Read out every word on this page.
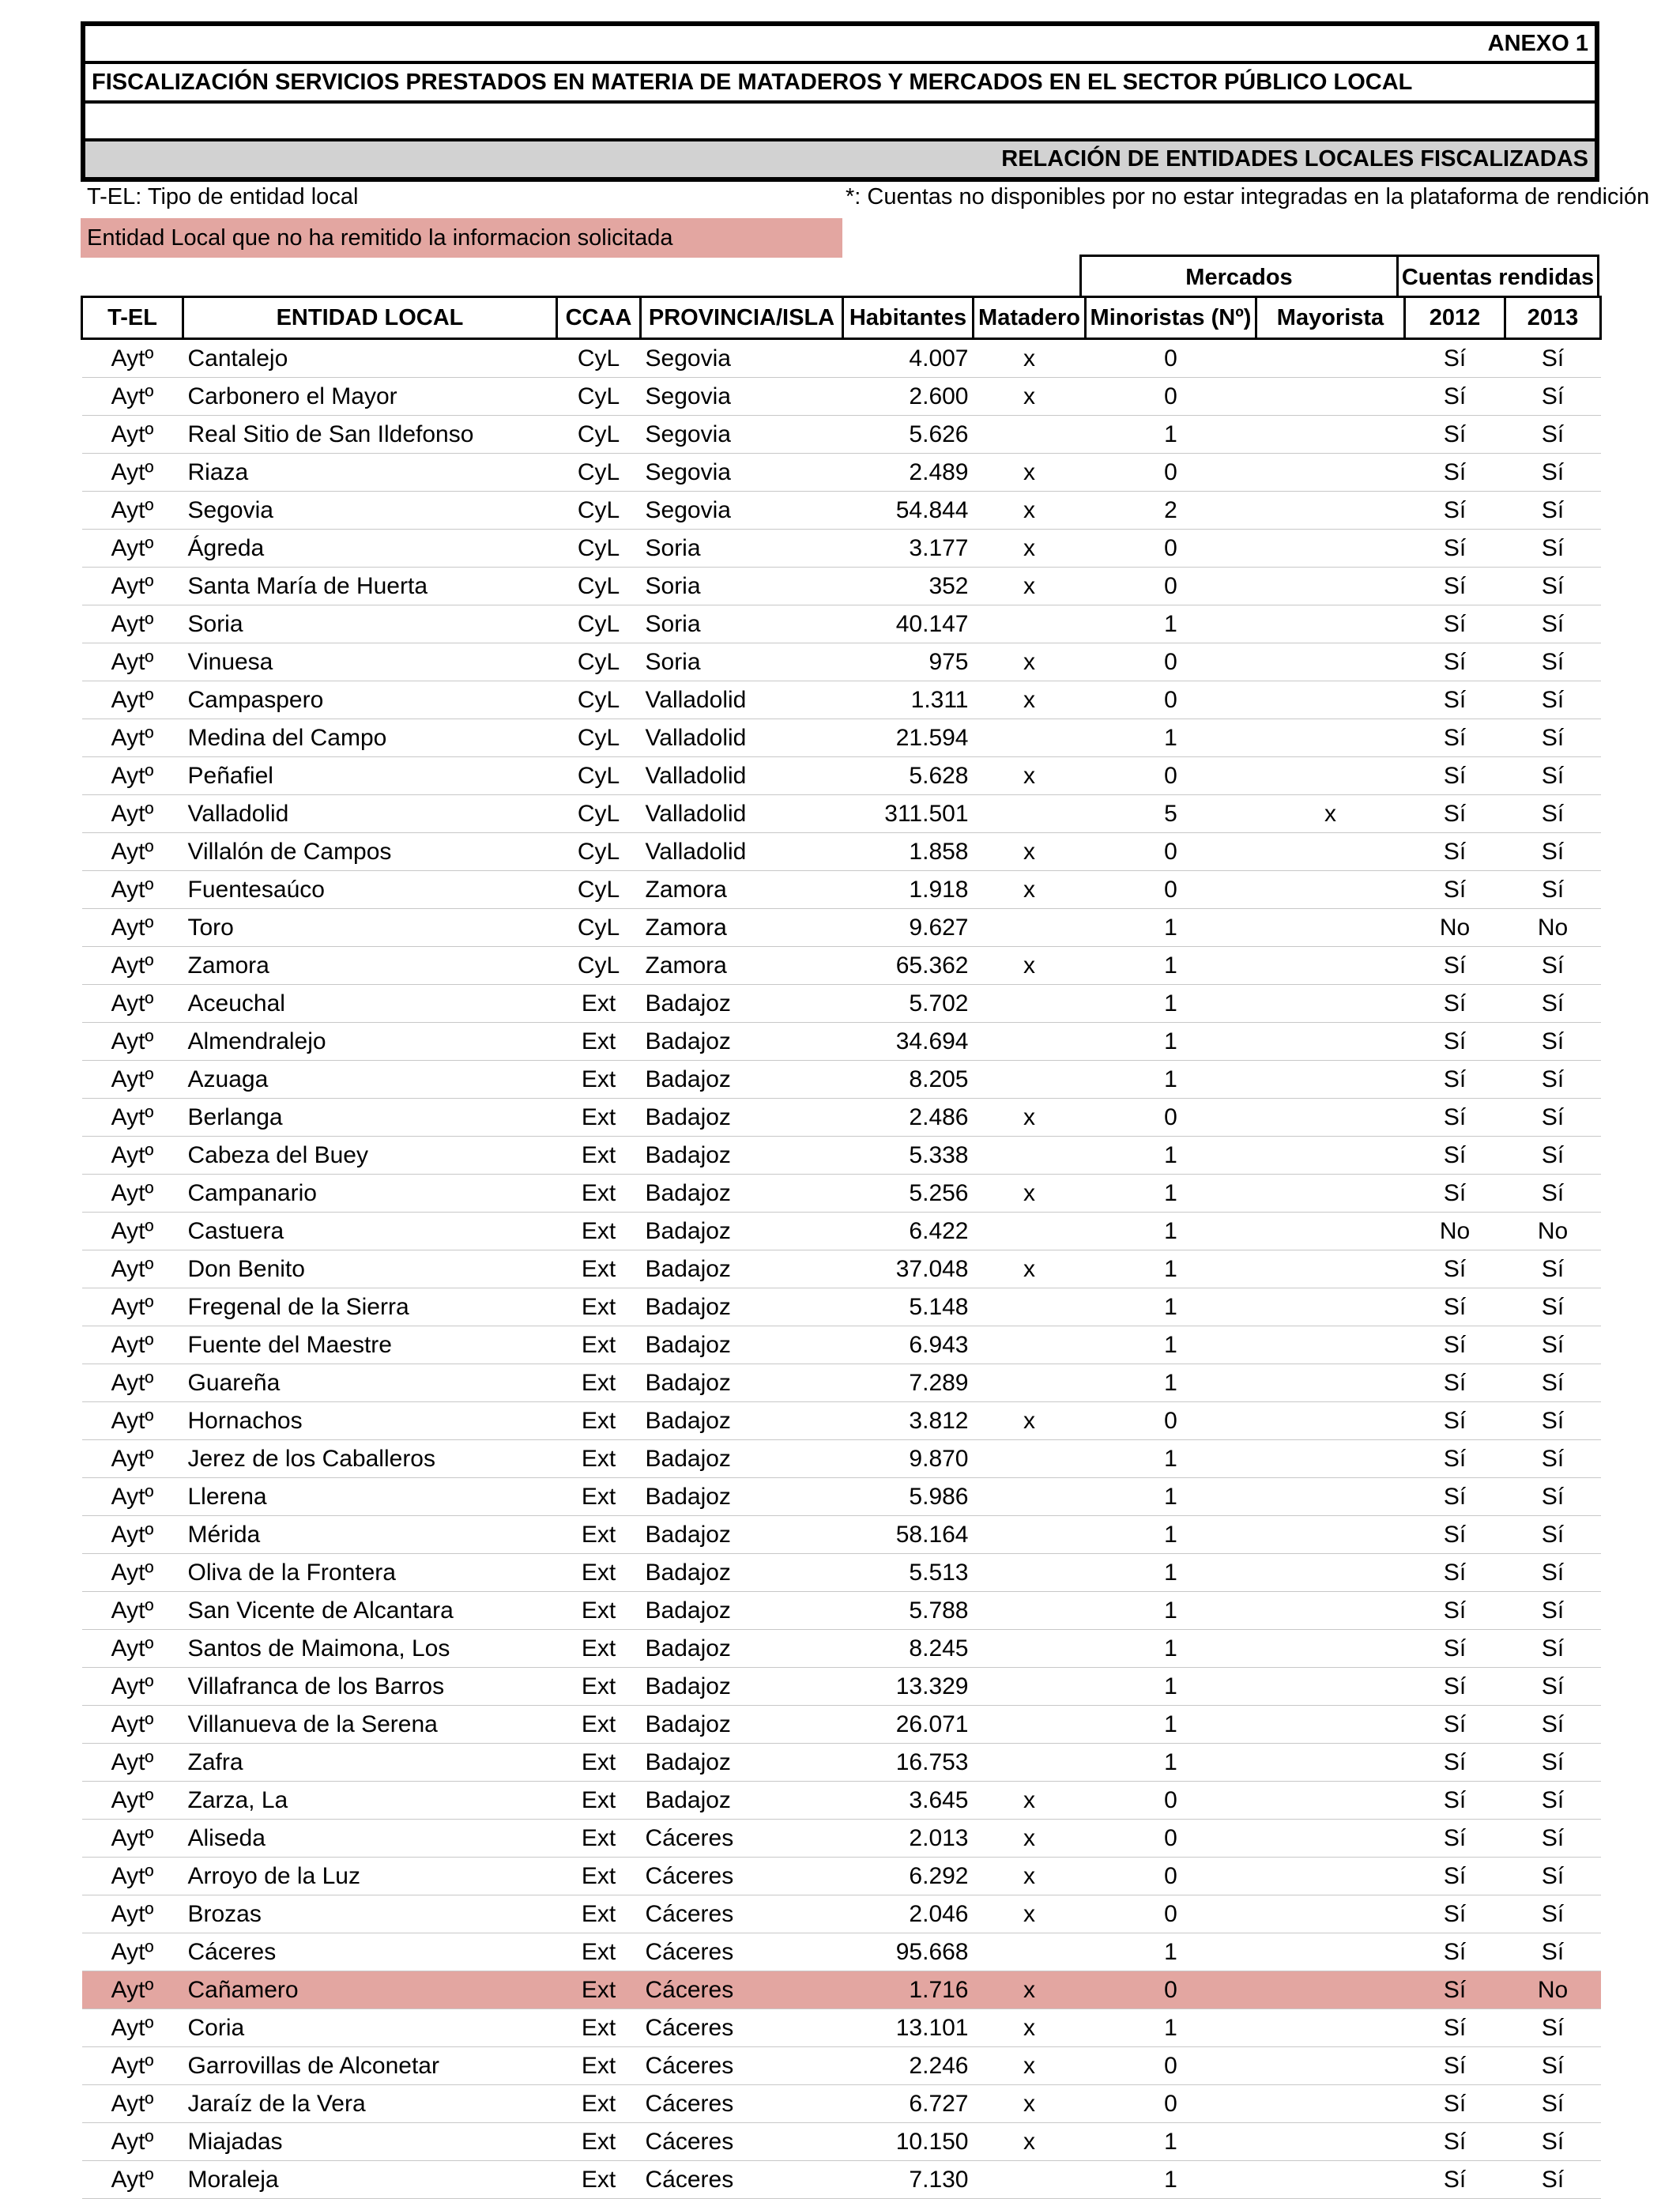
ANEXO 1
FISCALIZACIÓN SERVICIOS PRESTADOS EN MATERIA DE MATADEROS Y MERCADOS EN EL SECTOR PÚBLICO LOCAL
RELACIÓN DE ENTIDADES LOCALES FISCALIZADAS
T-EL: Tipo de entidad local	*: Cuentas no disponibles por no estar integradas en la plataforma de rendición
Entidad Local que no ha remitido la informacion solicitada
Mercados	Cuentas rendidas
T-EL	ENTIDAD LOCAL	CCAA	PROVINCIA/ISLA	Habitantes	Matadero	Minoristas (Nº)	Mayorista	2012	2013
Aytº	Cantalejo	CyL	Segovia	4.007	x	0		Sí	Sí
Aytº	Carbonero el Mayor	CyL	Segovia	2.600	x	0		Sí	Sí
Aytº	Real Sitio de San Ildefonso	CyL	Segovia	5.626		1		Sí	Sí
Aytº	Riaza	CyL	Segovia	2.489	x	0		Sí	Sí
Aytº	Segovia	CyL	Segovia	54.844	x	2		Sí	Sí
Aytº	Ágreda	CyL	Soria	3.177	x	0		Sí	Sí
Aytº	Santa María de Huerta	CyL	Soria	352	x	0		Sí	Sí
Aytº	Soria	CyL	Soria	40.147		1		Sí	Sí
Aytº	Vinuesa	CyL	Soria	975	x	0		Sí	Sí
Aytº	Campaspero	CyL	Valladolid	1.311	x	0		Sí	Sí
Aytº	Medina del Campo	CyL	Valladolid	21.594		1		Sí	Sí
Aytº	Peñafiel	CyL	Valladolid	5.628	x	0		Sí	Sí
Aytº	Valladolid	CyL	Valladolid	311.501		5	x	Sí	Sí
Aytº	Villalón de Campos	CyL	Valladolid	1.858	x	0		Sí	Sí
Aytº	Fuentesaúco	CyL	Zamora	1.918	x	0		Sí	Sí
Aytº	Toro	CyL	Zamora	9.627		1		No	No
Aytº	Zamora	CyL	Zamora	65.362	x	1		Sí	Sí
Aytº	Aceuchal	Ext	Badajoz	5.702		1		Sí	Sí
Aytº	Almendralejo	Ext	Badajoz	34.694		1		Sí	Sí
Aytº	Azuaga	Ext	Badajoz	8.205		1		Sí	Sí
Aytº	Berlanga	Ext	Badajoz	2.486	x	0		Sí	Sí
Aytº	Cabeza del Buey	Ext	Badajoz	5.338		1		Sí	Sí
Aytº	Campanario	Ext	Badajoz	5.256	x	1		Sí	Sí
Aytº	Castuera	Ext	Badajoz	6.422		1		No	No
Aytº	Don Benito	Ext	Badajoz	37.048	x	1		Sí	Sí
Aytº	Fregenal de la Sierra	Ext	Badajoz	5.148		1		Sí	Sí
Aytº	Fuente del Maestre	Ext	Badajoz	6.943		1		Sí	Sí
Aytº	Guareña	Ext	Badajoz	7.289		1		Sí	Sí
Aytº	Hornachos	Ext	Badajoz	3.812	x	0		Sí	Sí
Aytº	Jerez de los Caballeros	Ext	Badajoz	9.870		1		Sí	Sí
Aytº	Llerena	Ext	Badajoz	5.986		1		Sí	Sí
Aytº	Mérida	Ext	Badajoz	58.164		1		Sí	Sí
Aytº	Oliva de la Frontera	Ext	Badajoz	5.513		1		Sí	Sí
Aytº	San Vicente de Alcantara	Ext	Badajoz	5.788		1		Sí	Sí
Aytº	Santos de Maimona, Los	Ext	Badajoz	8.245		1		Sí	Sí
Aytº	Villafranca de los Barros	Ext	Badajoz	13.329		1		Sí	Sí
Aytº	Villanueva de la Serena	Ext	Badajoz	26.071		1		Sí	Sí
Aytº	Zafra	Ext	Badajoz	16.753		1		Sí	Sí
Aytº	Zarza, La	Ext	Badajoz	3.645	x	0		Sí	Sí
Aytº	Aliseda	Ext	Cáceres	2.013	x	0		Sí	Sí
Aytº	Arroyo de la Luz	Ext	Cáceres	6.292	x	0		Sí	Sí
Aytº	Brozas	Ext	Cáceres	2.046	x	0		Sí	Sí
Aytº	Cáceres	Ext	Cáceres	95.668		1		Sí	Sí
Aytº	Cañamero	Ext	Cáceres	1.716	x	0		Sí	No
Aytº	Coria	Ext	Cáceres	13.101	x	1		Sí	Sí
Aytº	Garrovillas de Alconetar	Ext	Cáceres	2.246	x	0		Sí	Sí
Aytº	Jaraíz de la Vera	Ext	Cáceres	6.727	x	0		Sí	Sí
Aytº	Miajadas	Ext	Cáceres	10.150	x	1		Sí	Sí
Aytº	Moraleja	Ext	Cáceres	7.130		1		Sí	Sí
